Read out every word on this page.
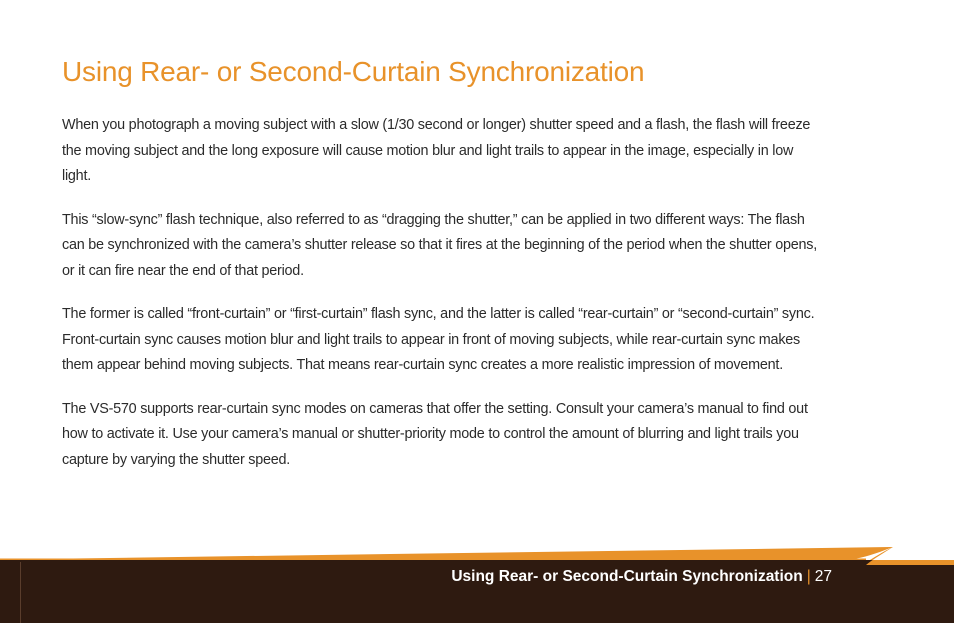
Using Rear- or Second-Curtain Synchronization

When you photograph a moving subject with a slow (1/30 second or longer) shutter speed and a flash, the flash will freeze the moving subject and the long exposure will cause motion blur and light trails to appear in the image, especially in low light.

This “slow-sync” flash technique, also referred to as “dragging the shutter,” can be applied in two different ways: The flash can be synchronized with the camera’s shutter release so that it fires at the beginning of the period when the shutter opens, or it can fire near the end of that period.

The former is called “front-curtain” or “first-curtain” flash sync, and the latter is called “rear-curtain” or “second-curtain” sync. Front-curtain sync causes motion blur and light trails to appear in front of moving subjects, while rear-curtain sync makes them appear behind moving subjects. That means rear-curtain sync creates a more realistic impression of movement.

The VS-570 supports rear-curtain sync modes on cameras that offer the setting. Consult your camera’s manual to find out how to activate it. Use your camera’s manual or shutter-priority mode to control the amount of blurring and light trails you capture by varying the shutter speed.

Using Rear- or Second-Curtain Synchronization | 27
